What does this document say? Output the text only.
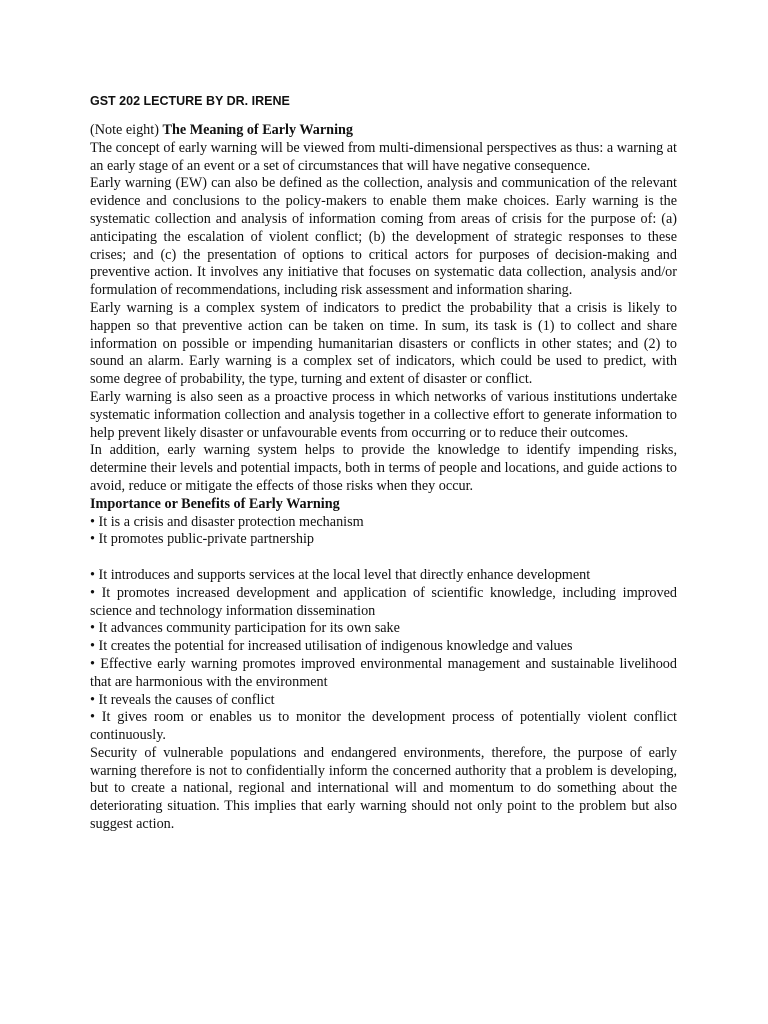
GST 202 LECTURE BY DR. IRENE

(Note eight) The Meaning of Early Warning

The concept of early warning will be viewed from multi-dimensional perspectives as thus: a warning at an early stage of an event or a set of circumstances that will have negative consequence.

Early warning (EW) can also be defined as the collection, analysis and communication of the relevant evidence and conclusions to the policy-makers to enable them make choices. Early warning is the systematic collection and analysis of information coming from areas of crisis for the purpose of: (a) anticipating the escalation of violent conflict; (b) the development of strategic responses to these crises; and (c) the presentation of options to critical actors for purposes of decision-making and preventive action. It involves any initiative that focuses on systematic data collection, analysis and/or formulation of recommendations, including risk assessment and information sharing.

Early warning is a complex system of indicators to predict the probability that a crisis is likely to happen so that preventive action can be taken on time. In sum, its task is (1) to collect and share information on possible or impending humanitarian disasters or conflicts in other states; and (2) to sound an alarm. Early warning is a complex set of indicators, which could be used to predict, with some degree of probability, the type, turning and extent of disaster or conflict.

Early warning is also seen as a proactive process in which networks of various institutions undertake systematic information collection and analysis together in a collective effort to generate information to help prevent likely disaster or unfavourable events from occurring or to reduce their outcomes.

In addition, early warning system helps to provide the knowledge to identify impending risks, determine their levels and potential impacts, both in terms of people and locations, and guide actions to avoid, reduce or mitigate the effects of those risks when they occur.

Importance or Benefits of Early Warning

• It is a crisis and disaster protection mechanism

• It promotes public-private partnership

• It introduces and supports services at the local level that directly enhance development

• It promotes increased development and application of scientific knowledge, including improved science and technology information dissemination

• It advances community participation for its own sake

• It creates the potential for increased utilisation of indigenous knowledge and values

• Effective early warning promotes improved environmental management and sustainable livelihood that are harmonious with the environment

• It reveals the causes of conflict

• It gives room or enables us to monitor the development process of potentially violent conflict continuously.

Security of vulnerable populations and endangered environments, therefore, the purpose of early warning therefore is not to confidentially inform the concerned authority that a problem is developing, but to create a national, regional and international will and momentum to do something about the deteriorating situation. This implies that early warning should not only point to the problem but also suggest action.
